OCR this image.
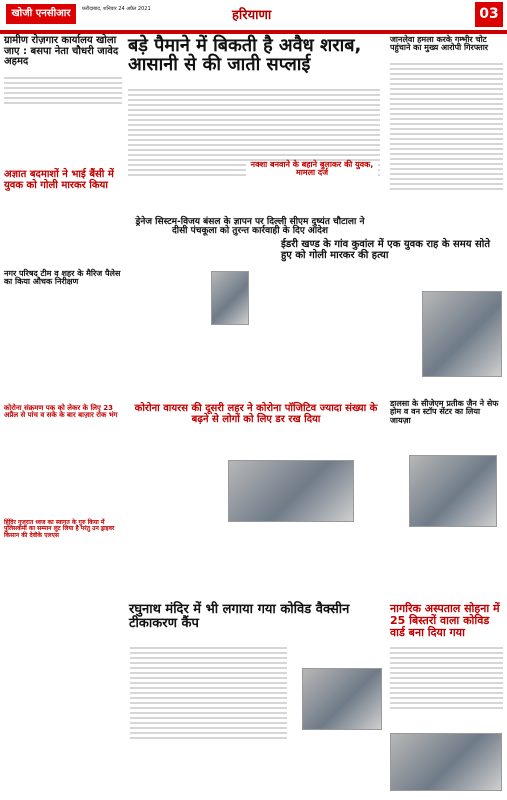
खोजी एनसीआर	फ़रीदाबाद, शनिवार 24 अप्रैल 2021	हरियाणा	03
ग्रामीण रोज़गार कार्यालय खोला जाए : बसपा नेता चौधरी जावेद अहमद
अज्ञात बदमाशों ने भाई बैंसी में युवक को गोली मारकर किया
नगर परिषद टीम व शहर के मैरिज पैलेस का किया औचक निरीक्षण
कोरोना संक्रमण पक को लेकर के लिए 23 अप्रैल से पांच व सके के बार बाज़ार रोक भंग
हिंदिर गुजरात ध्वज का स्वागत के गुरु किया में पुलिसकर्मी का सम्मान लुट लिया है परंतु उन ड्राइवर किसान की देवीके एलएस
बड़े पैमाने में बिकती है अवैध शराब, आसानी से की जाती सप्लाई
नक्शा बनवाने के बहाने बुलाकर की युवक, मामला दर्ज
ड्रेनेज सिस्टम-विजय बंसल के ज्ञापन पर दिल्ली सीएम दुष्यंत चौटाला ने दीसी पंचकूला को तुरन्त कार्रवाही के दिए आदेश
जानलेवा हमला करके गम्भीर चोट पहुंचाने का मुख्य आरोपी गिरफ्तार
ईडरी खण्ड के गांव कुवांल में एक युवक राह के समय सोते हुए को गोली मारकर की हत्या
डालसा के सीजेएम प्रतीक जैन ने सेफ होम व वन स्टॉप सेंटर का लिया जायज़ा
कोरोना वायरस की दूसरी लहर ने कोरोना पॉजिटिव ज्यादा संख्या के बढ़ने से लोगों को लिए डर रख दिया
रघुनाथ मंदिर में भी लगाया गया कोविड वैक्सीन टीकाकरण कैंप
नागरिक अस्पताल सोहना में 25 बिस्तरों वाला कोविड वार्ड बना दिया गया
